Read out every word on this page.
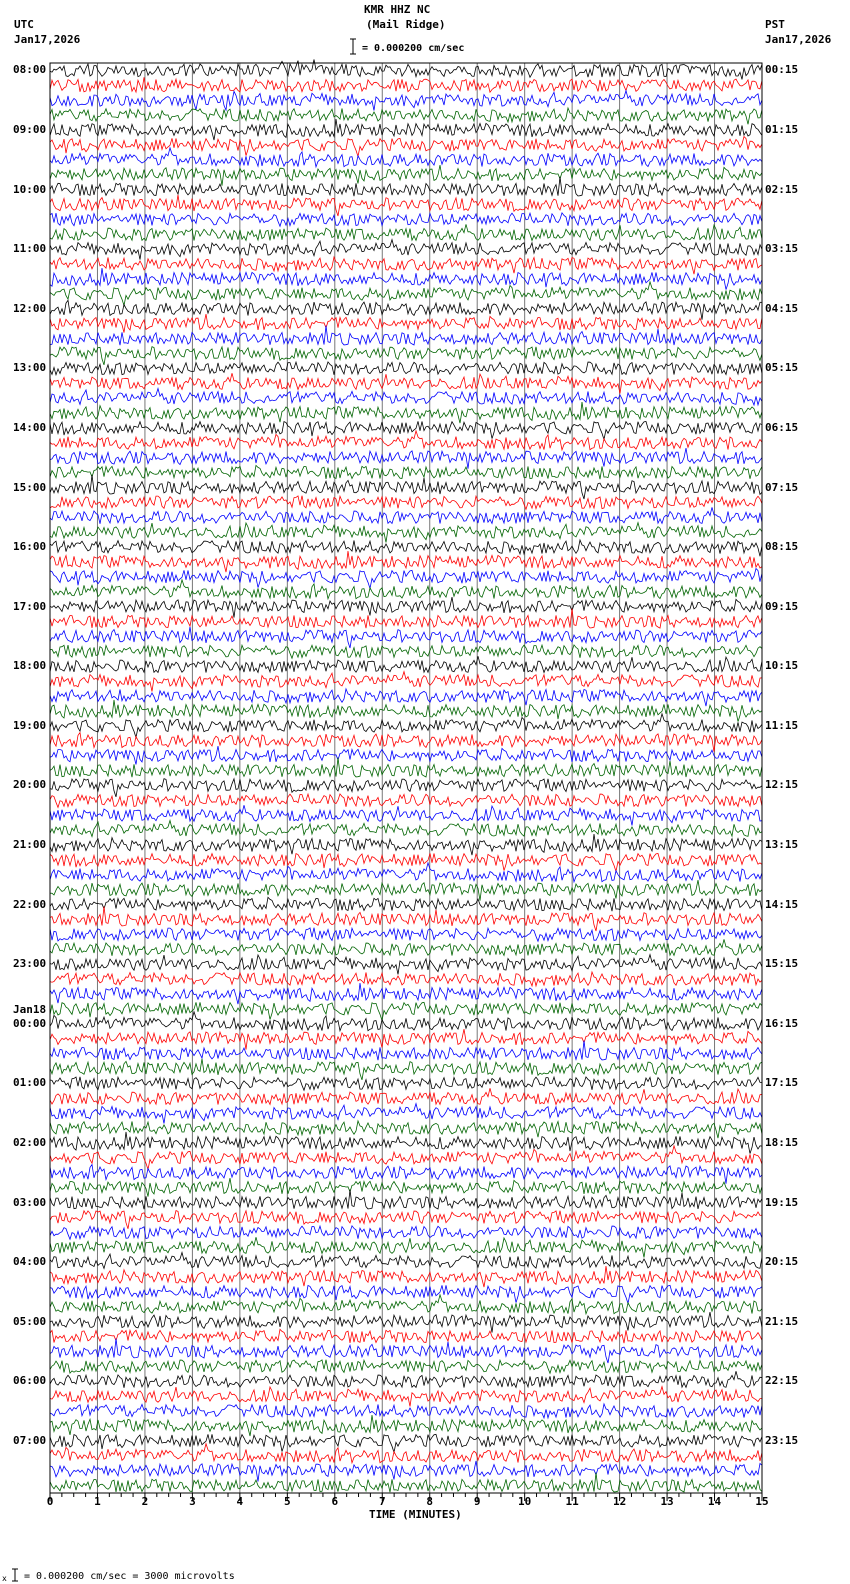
KMR HHZ NC
(Mail Ridge)
UTC
Jan17,2026
PST
Jan17,2026
= 0.000200 cm/sec
08:00
09:00
10:00
11:00
12:00
13:00
14:00
15:00
16:00
17:00
18:00
19:00
20:00
21:00
22:00
23:00
00:00
01:00
02:00
03:00
04:00
05:00
06:00
07:00
Jan18
00:15
01:15
02:15
03:15
04:15
05:15
06:15
07:15
08:15
09:15
10:15
11:15
12:15
13:15
14:15
15:15
16:15
17:15
18:15
19:15
20:15
21:15
22:15
23:15
0	1	2	3	4	5	6	7	8	9	10	11	12	13	14	15
TIME (MINUTES)
x = 0.000200 cm/sec = 3000 microvolts
